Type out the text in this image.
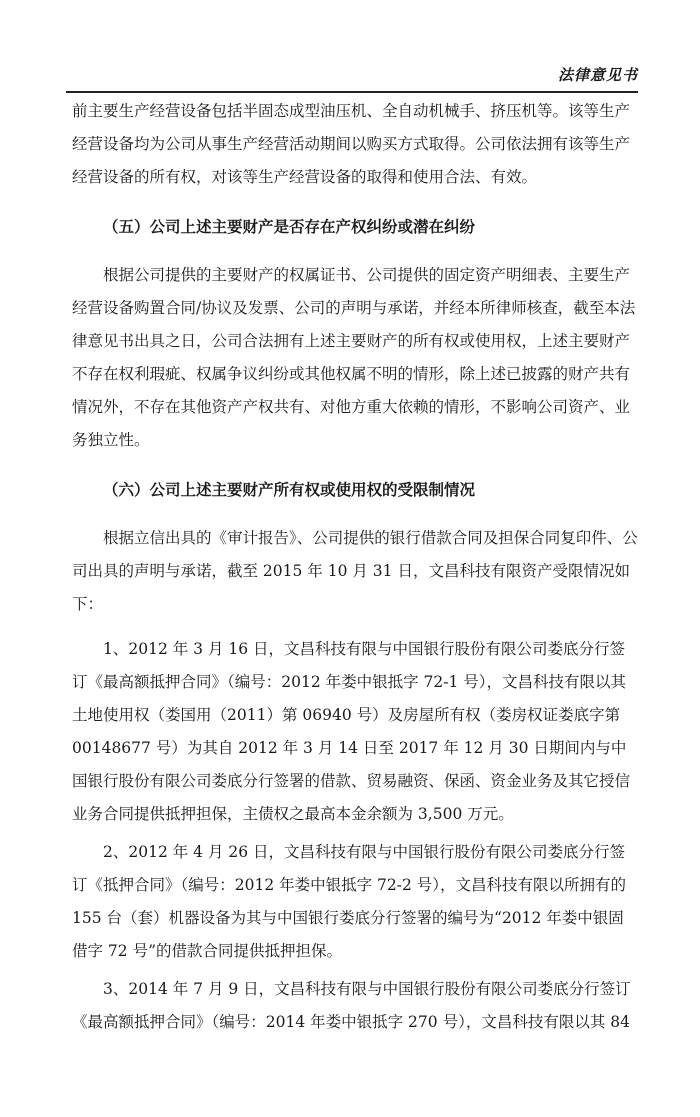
法律意见书

前主要生产经营设备包括半固态成型油压机、全自动机械手、挤压机等。该等生产经营设备均为公司从事生产经营活动期间以购买方式取得。公司依法拥有该等生产经营设备的所有权，对该等生产经营设备的取得和使用合法、有效。

（五）公司上述主要财产是否存在产权纠纷或潜在纠纷

根据公司提供的主要财产的权属证书、公司提供的固定资产明细表、主要生产经营设备购置合同/协议及发票、公司的声明与承诺，并经本所律师核查，截至本法律意见书出具之日，公司合法拥有上述主要财产的所有权或使用权，上述主要财产不存在权利瑕疵、权属争议纠纷或其他权属不明的情形，除上述已披露的财产共有情况外，不存在其他资产产权共有、对他方重大依赖的情形，不影响公司资产、业务独立性。

（六）公司上述主要财产所有权或使用权的受限制情况

根据立信出具的《审计报告》、公司提供的银行借款合同及担保合同复印件、公司出具的声明与承诺，截至 2015 年 10 月 31 日，文昌科技有限资产受限情况如下：

1、2012 年 3 月 16 日，文昌科技有限与中国银行股份有限公司娄底分行签订《最高额抵押合同》（编号：2012 年娄中银抵字 72-1 号），文昌科技有限以其土地使用权（娄国用（2011）第 06940 号）及房屋所有权（娄房权证娄底字第00148677 号）为其自 2012 年 3 月 14 日至 2017 年 12 月 30 日期间内与中国银行股份有限公司娄底分行签署的借款、贸易融资、保函、资金业务及其它授信业务合同提供抵押担保，主债权之最高本金余额为 3,500 万元。

2、2012 年 4 月 26 日，文昌科技有限与中国银行股份有限公司娄底分行签订《抵押合同》（编号：2012 年娄中银抵字 72-2 号），文昌科技有限以所拥有的155 台（套）机器设备为其与中国银行娄底分行签署的编号为“2012 年娄中银固借字 72 号”的借款合同提供抵押担保。

3、2014 年 7 月 9 日，文昌科技有限与中国银行股份有限公司娄底分行签订《最高额抵押合同》（编号：2014 年娄中银抵字 270 号），文昌科技有限以其 84
